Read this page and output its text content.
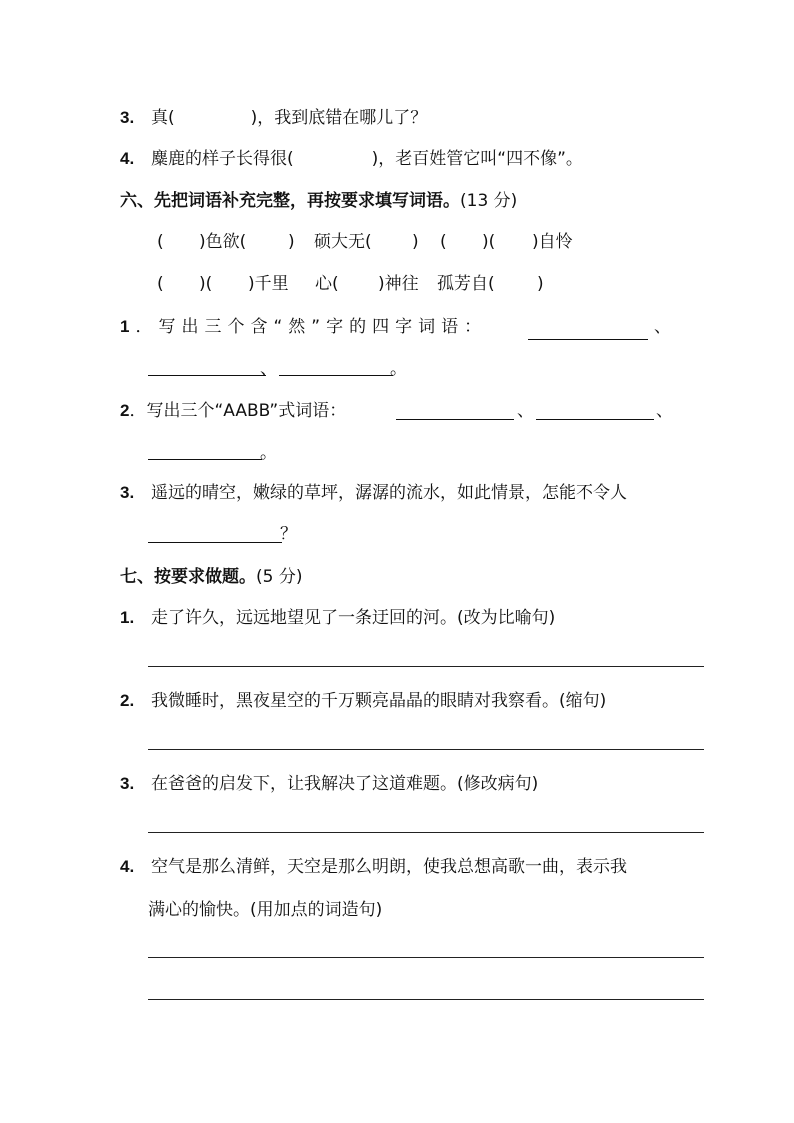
3. 真(	)，我到底错在哪儿了？
4. 麋鹿的样子长得很(	)，老百姓管它叫“四不像”。
六、先把词语补充完整，再按要求填写词语。(13 分)
( )色欲( ) 硕大无( ) ( )( )自怜
( )( )千里 心( )神往 孤芳自( )
1．写出三个含“然”字的四字词语：	、
、	。
2．写出三个“AABB”式词语：	、	、
。
3. 遥远的晴空，嫩绿的草坪，潺潺的流水，如此情景，怎能不令人
？
七、按要求做题。(5 分)
1. 走了许久，远远地望见了一条迂回的河。(改为比喻句)
2. 我微睡时，黑夜星空的千万颗亮晶晶的眼睛对我察看。(缩句)
3. 在爸爸的启发下，让我解决了这道难题。(修改病句)
4. 空气是那么清鲜，天空是那么明朗，使我总想高歌一曲，表示我
满心的愉快。(用加点的词造句)
